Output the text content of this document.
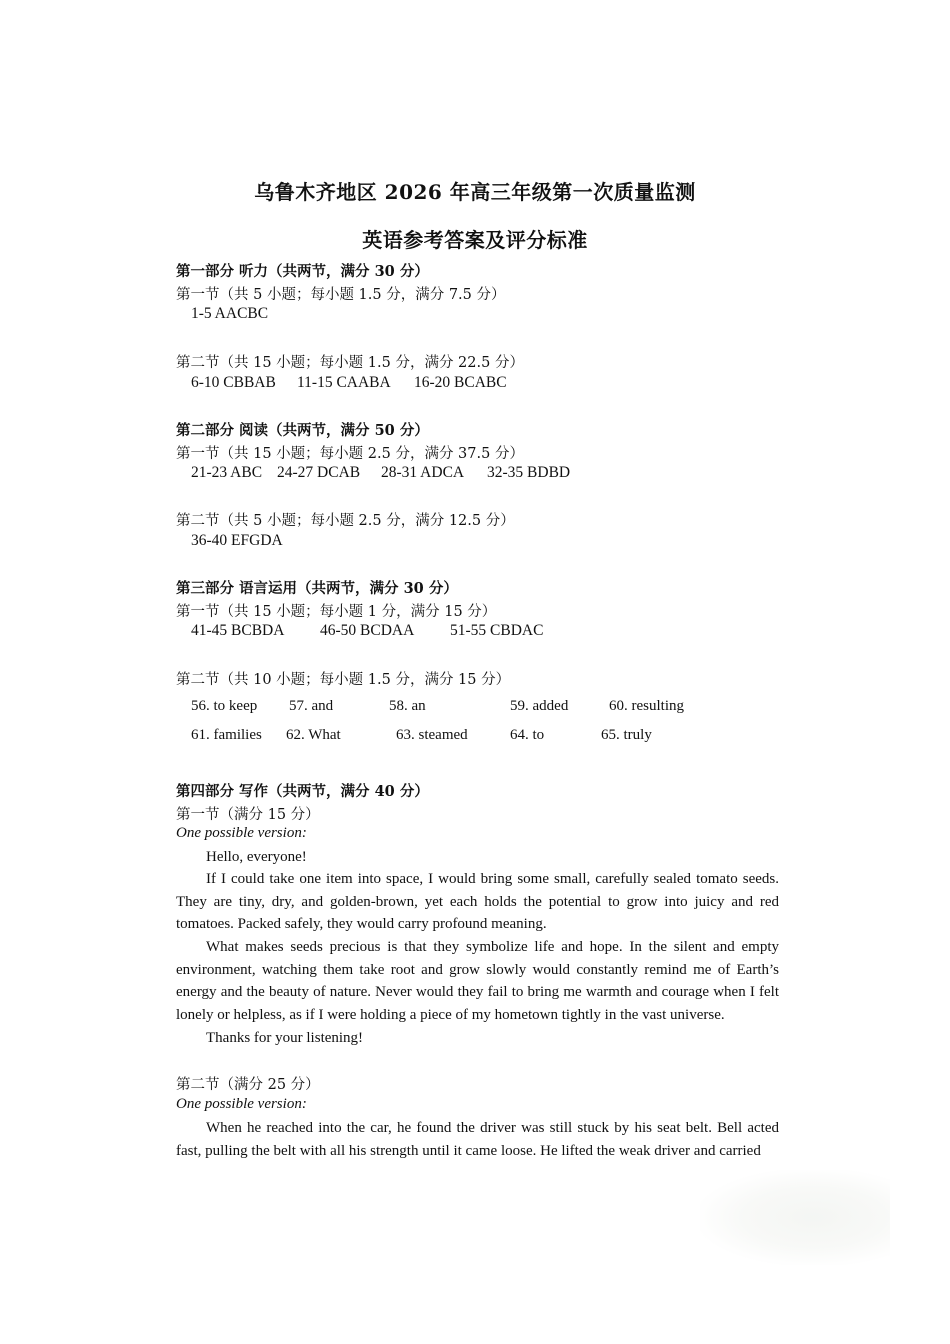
乌鲁木齐地区 2026 年高三年级第一次质量监测
英语参考答案及评分标准
第一部分 听力（共两节，满分 30 分）
第一节（共 5 小题；每小题 1.5 分，满分 7.5 分）
1-5 AACBC
第二节（共 15 小题；每小题 1.5 分，满分 22.5 分）
6-10 CBBAB 11-15 CAABA 16-20 BCABC
第二部分 阅读（共两节，满分 50 分）
第一节（共 15 小题；每小题 2.5 分，满分 37.5 分）
21-23 ABC 24-27 DCAB 28-31 ADCA 32-35 BDBD
第二节（共 5 小题；每小题 2.5 分，满分 12.5 分）
36-40 EFGDA
第三部分 语言运用（共两节，满分 30 分）
第一节（共 15 小题；每小题 1 分，满分 15 分）
41-45 BCBDA 46-50 BCDAA 51-55 CBDAC
第二节（共 10 小题；每小题 1.5 分，满分 15 分）
56. to keep 57. and	58. an	59. added	60. resulting
61. families 62. What	63. steamed	64. to	65. truly
第四部分 写作（共两节，满分 40 分）
第一节（满分 15 分）
One possible version:
Hello, everyone!
If I could take one item into space, I would bring some small, carefully sealed tomato seeds. They are tiny, dry, and golden-brown, yet each holds the potential to grow into juicy and red tomatoes. Packed safely, they would carry profound meaning.
What makes seeds precious is that they symbolize life and hope. In the silent and empty environment, watching them take root and grow slowly would constantly remind me of Earth’s energy and the beauty of nature. Never would they fail to bring me warmth and courage when I felt lonely or helpless, as if I were holding a piece of my hometown tightly in the vast universe.
Thanks for your listening!
第二节（满分 25 分）
One possible version:
When he reached into the car, he found the driver was still stuck by his seat belt. Bell acted fast, pulling the belt with all his strength until it came loose. He lifted the weak driver and carried
